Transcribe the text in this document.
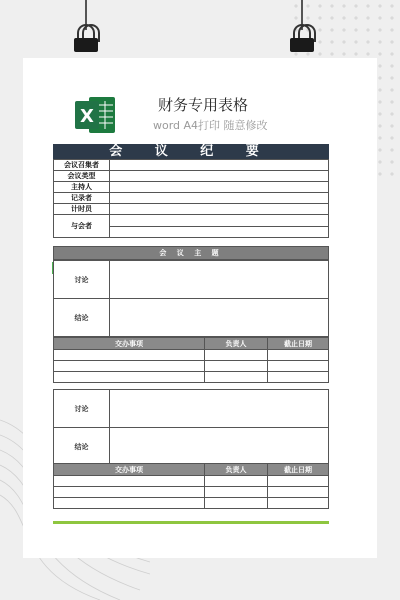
X
财务专用表格
word A4打印 随意修改
会 议 纪 要
会议召集者	
会议类型	
主持人	
记录者	
计时员	
与会者	

会 议 主 题
讨论	
结论	
交办事项	负责人	截止日期

讨论	
结论	
交办事项	负责人	截止日期
